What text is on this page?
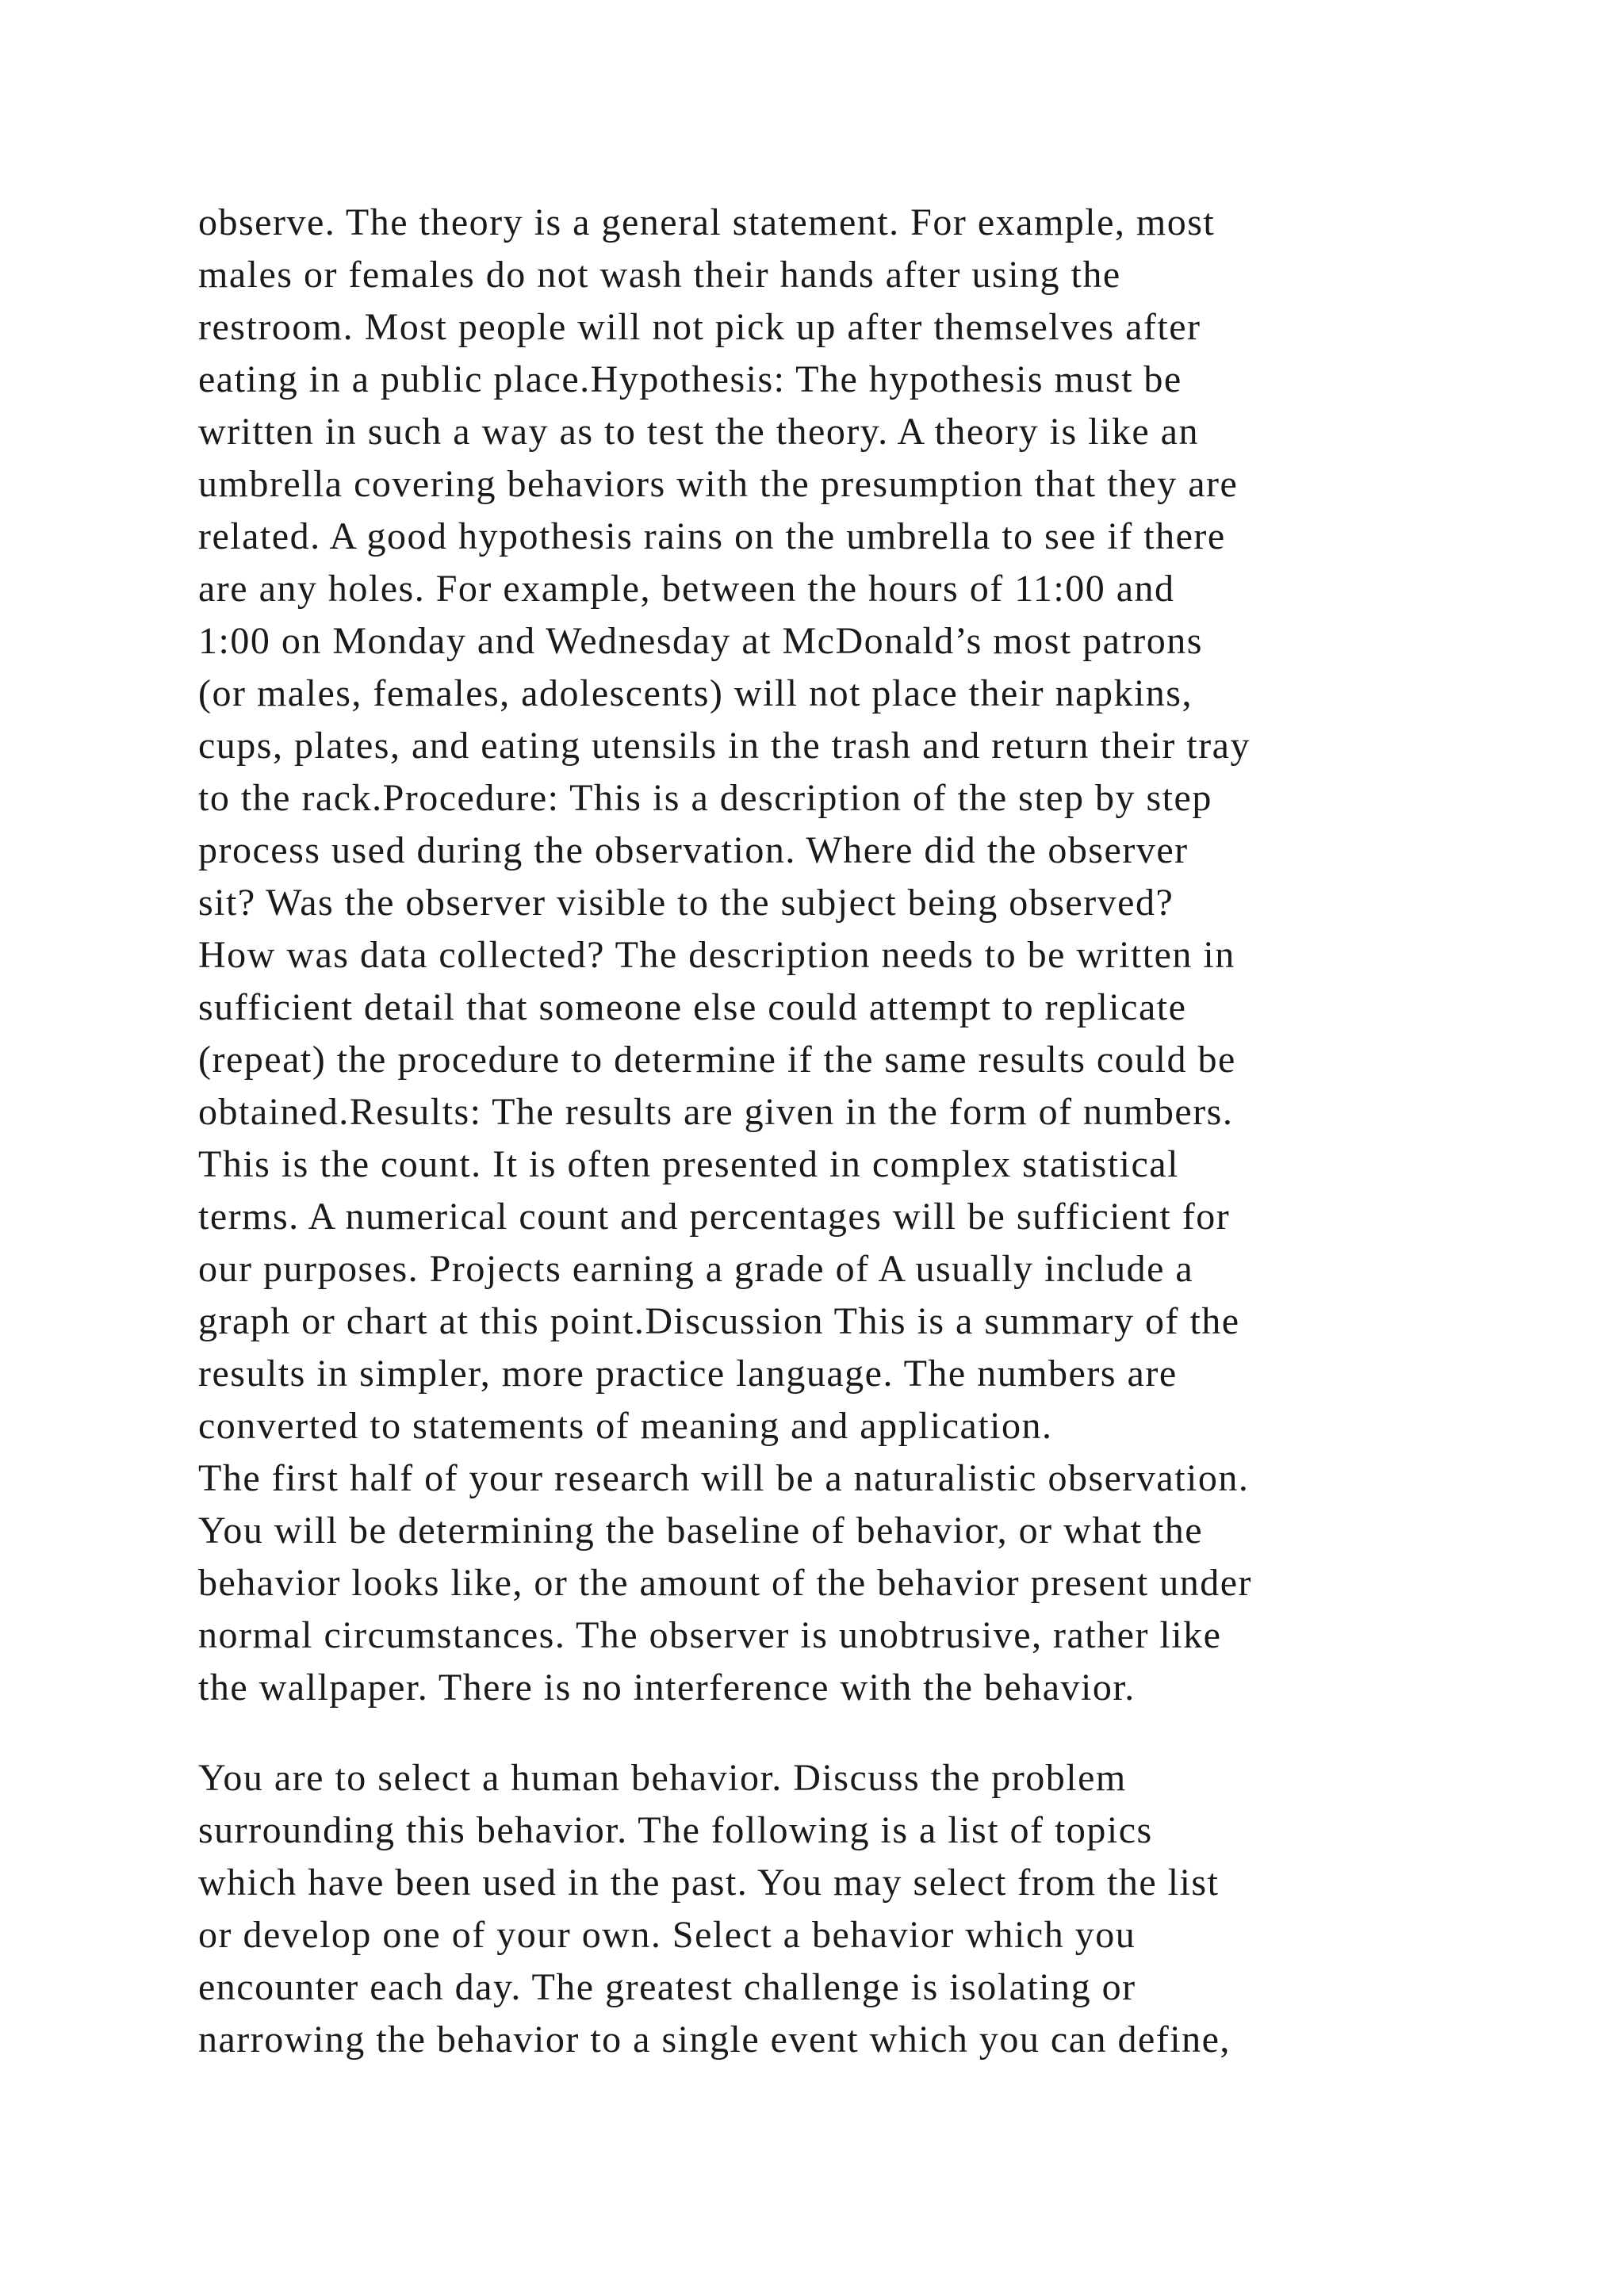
observe. The theory is a general statement. For example, most
males or females do not wash their hands after using the
restroom. Most people will not pick up after themselves after
eating in a public place.Hypothesis: The hypothesis must be
written in such a way as to test the theory. A theory is like an
umbrella covering behaviors with the presumption that they are
related. A good hypothesis rains on the umbrella to see if there
are any holes. For example, between the hours of 11:00 and
1:00 on Monday and Wednesday at McDonald’s most patrons
(or males, females, adolescents) will not place their napkins,
cups, plates, and eating utensils in the trash and return their tray
to the rack.Procedure: This is a description of the step by step
process used during the observation. Where did the observer
sit? Was the observer visible to the subject being observed?
How was data collected? The description needs to be written in
sufficient detail that someone else could attempt to replicate
(repeat) the procedure to determine if the same results could be
obtained.Results: The results are given in the form of numbers.
This is the count. It is often presented in complex statistical
terms. A numerical count and percentages will be sufficient for
our purposes. Projects earning a grade of A usually include a
graph or chart at this point.Discussion This is a summary of the
results in simpler, more practice language. The numbers are
converted to statements of meaning and application.
The first half of your research will be a naturalistic observation.
You will be determining the baseline of behavior, or what the
behavior looks like, or the amount of the behavior present under
normal circumstances. The observer is unobtrusive, rather like
the wallpaper. There is no interference with the behavior.
You are to select a human behavior. Discuss the problem
surrounding this behavior. The following is a list of topics
which have been used in the past. You may select from the list
or develop one of your own. Select a behavior which you
encounter each day. The greatest challenge is isolating or
narrowing the behavior to a single event which you can define,
